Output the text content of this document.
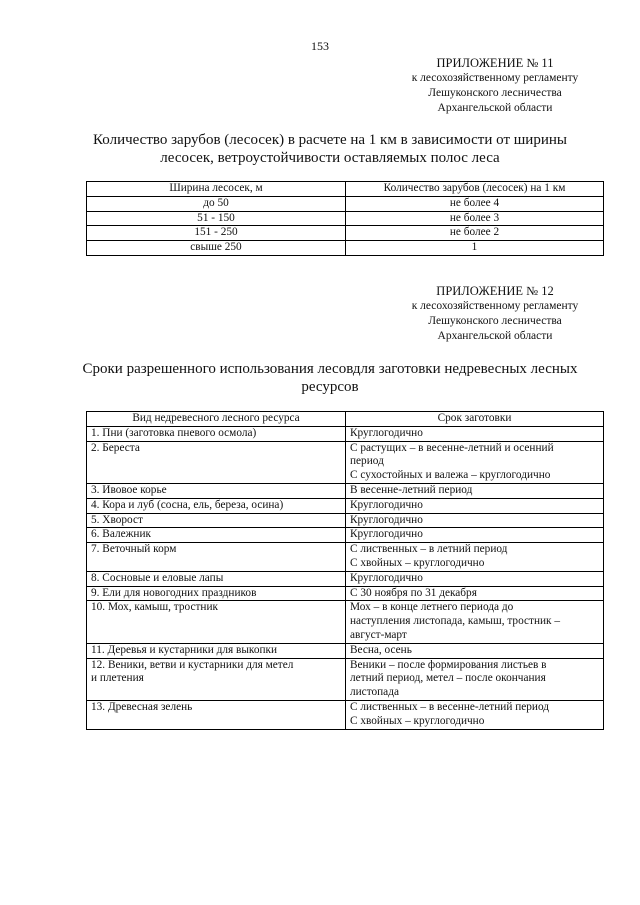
153
ПРИЛОЖЕНИЕ № 11
к лесохозяйственному регламенту
Лешуконского лесничества
Архангельской области
Количество зарубов (лесосек) в расчете на 1 км в зависимости от ширины
лесосек, ветроустойчивости оставляемых полос леса
Ширина лесосек, м	Количество зарубов (лесосек) на 1 км
до 50	не более 4
51 - 150	не более 3
151 - 250	не более 2
свыше 250	1
ПРИЛОЖЕНИЕ № 12
к лесохозяйственному регламенту
Лешуконского лесничества
Архангельской области
Сроки разрешенного использования лесовдля заготовки недревесных лесных
ресурсов
Вид недревесного лесного ресурса	Срок заготовки

1. Пни (заготовка пневого осмола)	Круглогодично

2. Береста	С растущих – в весенне-летний и осенний
период
С сухостойных и валежа – круглогодично

3. Ивовое корье	В весенне-летний период

4. Кора и луб (сосна, ель, береза, осина)	Круглогодично

5. Хворост	Круглогодично

6. Валежник	Круглогодично

7. Веточный корм	С лиственных – в летний период
С хвойных – круглогодично

8. Сосновые и еловые лапы	Круглогодично

9. Ели для новогодних праздников	С 30 ноября по 31 декабря

10. Мох, камыш, тростник	Мох – в конце летнего периода до
наступления листопада, камыш, тростник –
август-март

11. Деревья и кустарники для выкопки	Весна, осень

12. Веники, ветви и кустарники для метел
и плетения	Веники – после формирования листьев в
летний период, метел – после окончания
листопада

13. Древесная зелень	С лиственных – в весенне-летний период
С хвойных – круглогодично
